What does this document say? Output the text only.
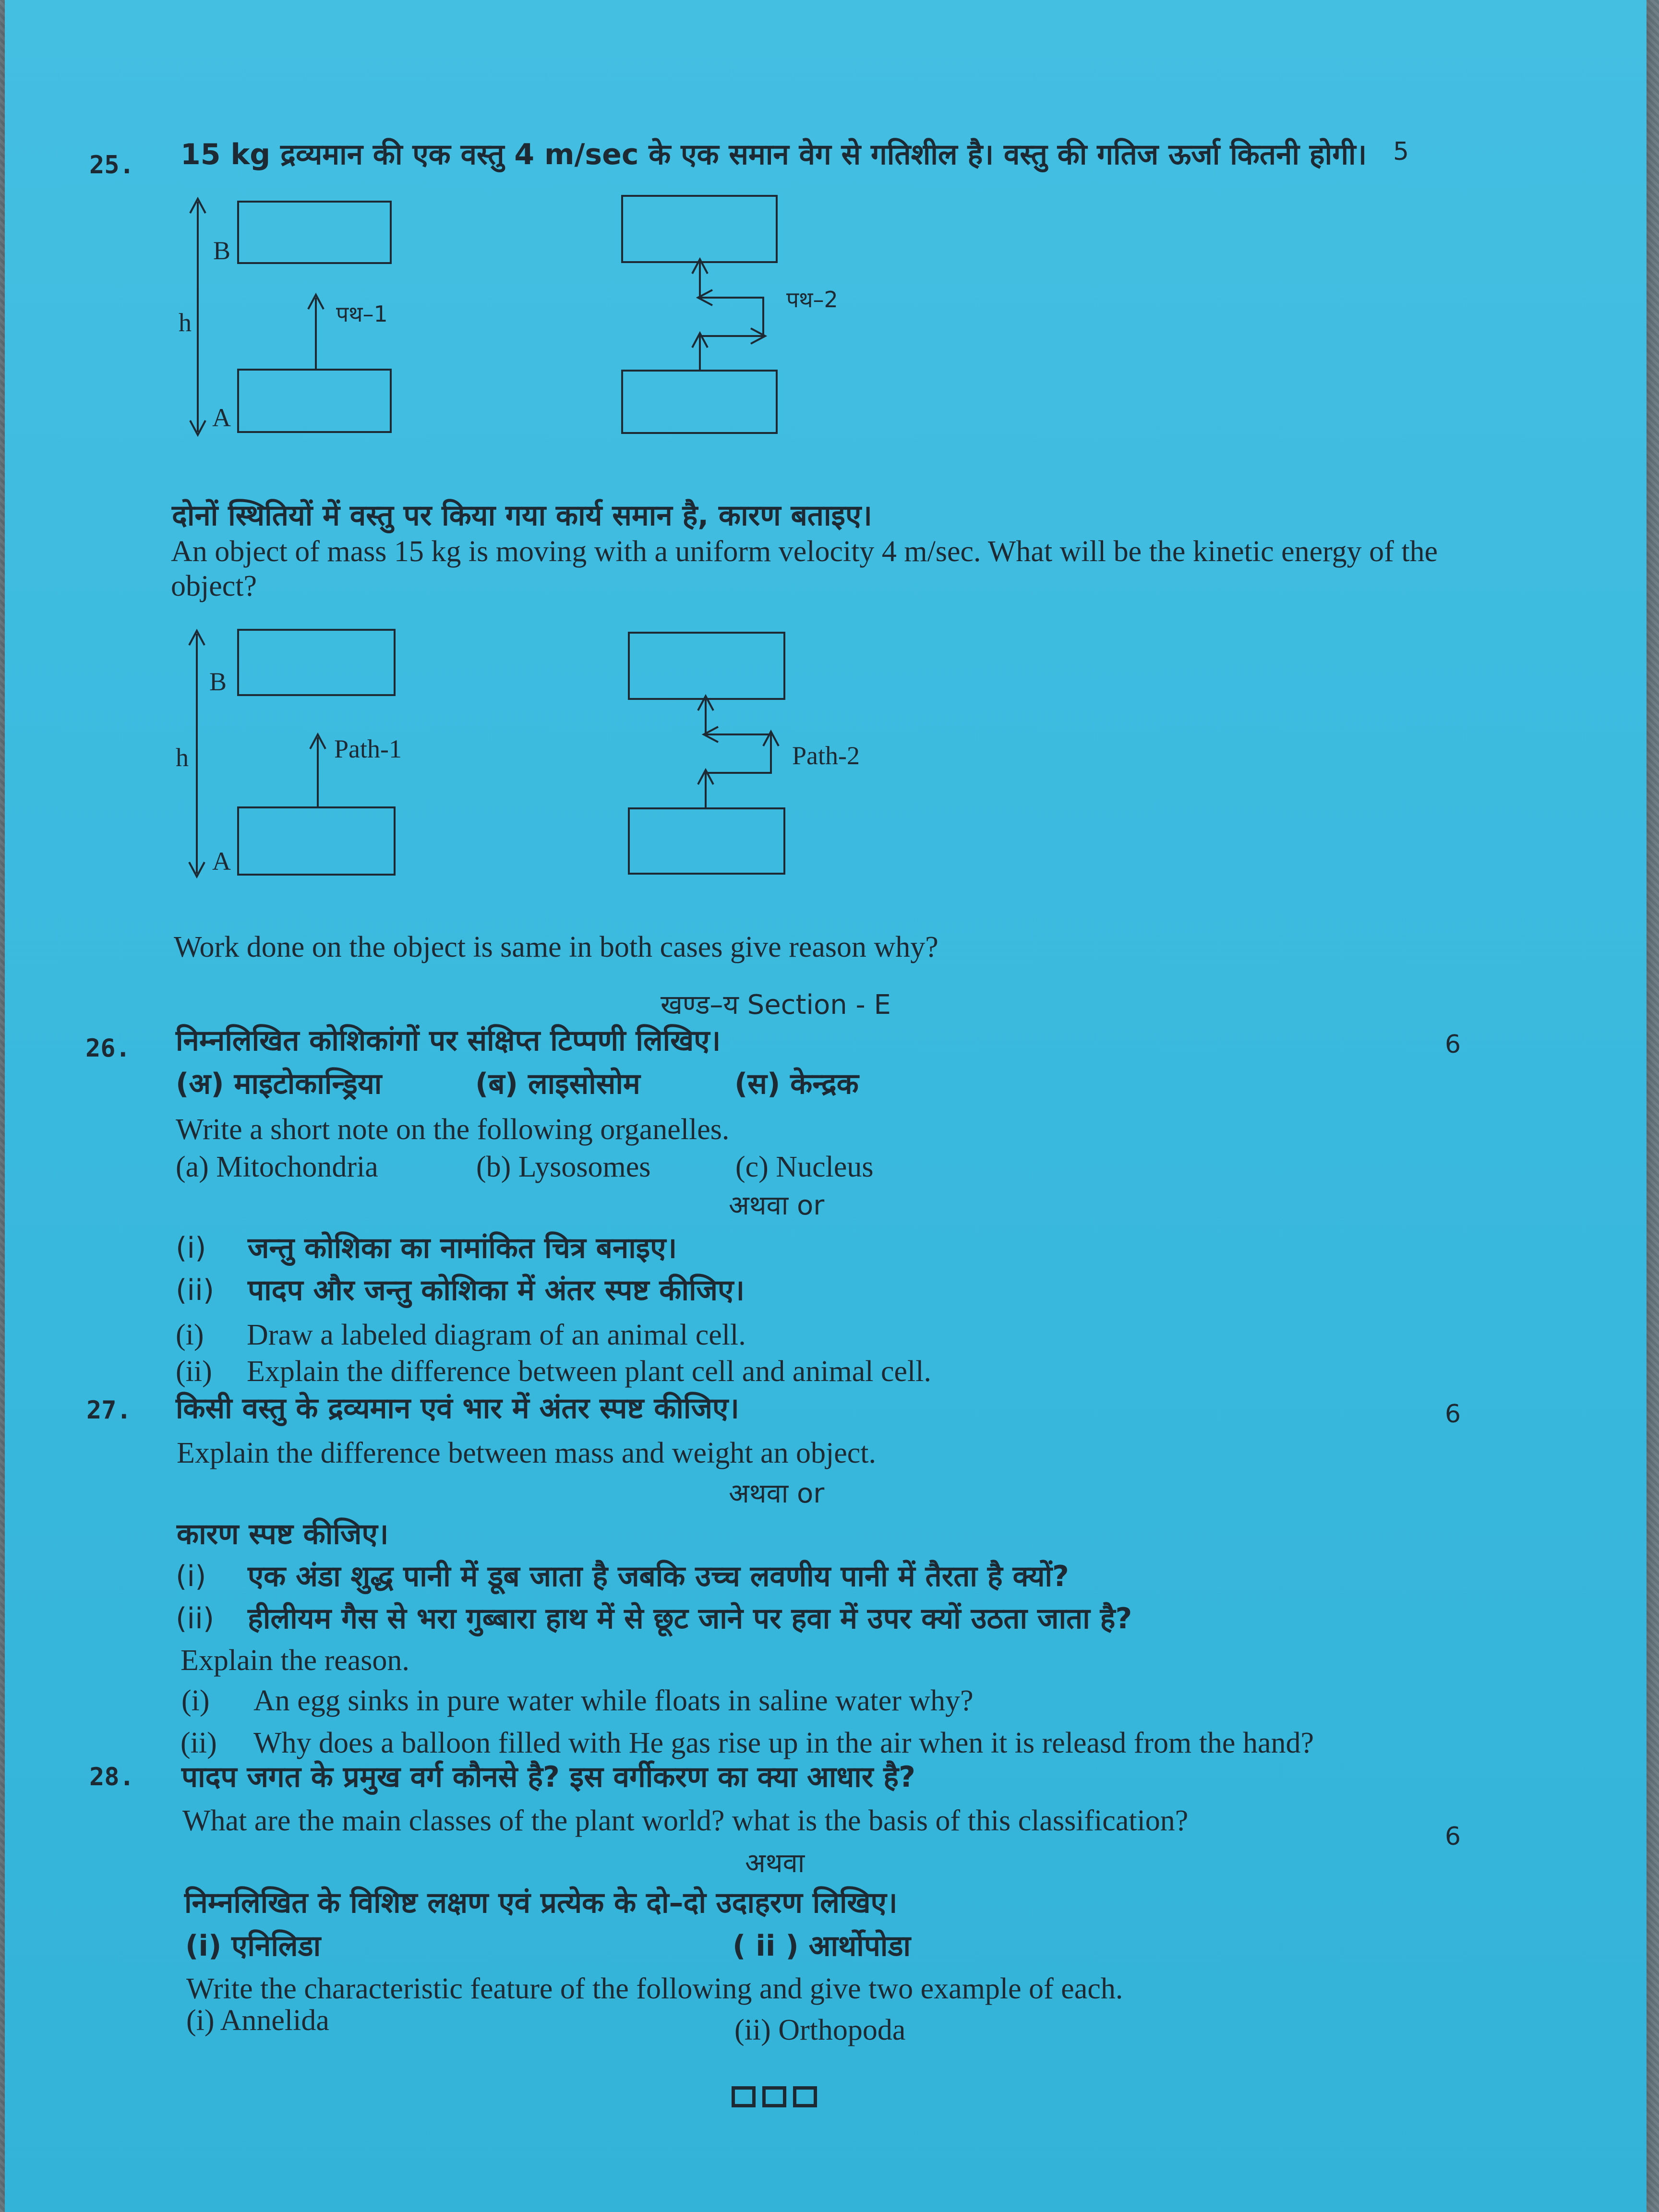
25. 15 kg द्रव्यमान की एक वस्तु 4 m/sec के एक समान वेग से गतिशील है। वस्तु की गतिज ऊर्जा कितनी होगी। 5
B
h
A
पथ–1
पथ–2
दोनों स्थितियों में वस्तु पर किया गया कार्य समान है, कारण बताइए।
An object of mass 15 kg is moving with a uniform velocity 4 m/sec. What will be the kinetic energy of the
object?
B
h
A
Path-1	Path-2
Work done on the object is same in both cases give reason why?
खण्ड–य Section - E
26. निम्नलिखित कोशिकांगों पर संक्षिप्त टिप्पणी लिखिए।	6
(अ) माइटोकान्ड्रिया	(ब) लाइसोसोम	(स) केन्द्रक
Write a short note on the following organelles.
(a) Mitochondria	(b) Lysosomes	(c) Nucleus
अथवा or
(i) जन्तु कोशिका का नामांकित चित्र बनाइए।
(ii) पादप और जन्तु कोशिका में अंतर स्पष्ट कीजिए।
(i) Draw a labeled diagram of an animal cell.
(ii) Explain the difference between plant cell and animal cell.
27. किसी वस्तु के द्रव्यमान एवं भार में अंतर स्पष्ट कीजिए।	6
Explain the difference between mass and weight an object.
अथवा or
कारण स्पष्ट कीजिए।
(i) एक अंडा शुद्ध पानी में डूब जाता है जबकि उच्च लवणीय पानी में तैरता है क्यों?
(ii) हीलीयम गैस से भरा गुब्बारा हाथ में से छूट जाने पर हवा में उपर क्यों उठता जाता है?
Explain the reason.
(i) An egg sinks in pure water while floats in saline water why?
(ii) Why does a balloon filled with He gas rise up in the air when it is releasd from the hand?
28. पादप जगत के प्रमुख वर्ग कौनसे है? इस वर्गीकरण का क्या आधार है?
What are the main classes of the plant world? what is the basis of this classification?	6
अथवा
निम्नलिखित के विशिष्ट लक्षण एवं प्रत्येक के दो–दो उदाहरण लिखिए।
(i) एनिलिडा	( ii ) आर्थोपोडा
Write the characteristic feature of the following and give two example of each.
(i) Annelida	(ii) Orthopoda
